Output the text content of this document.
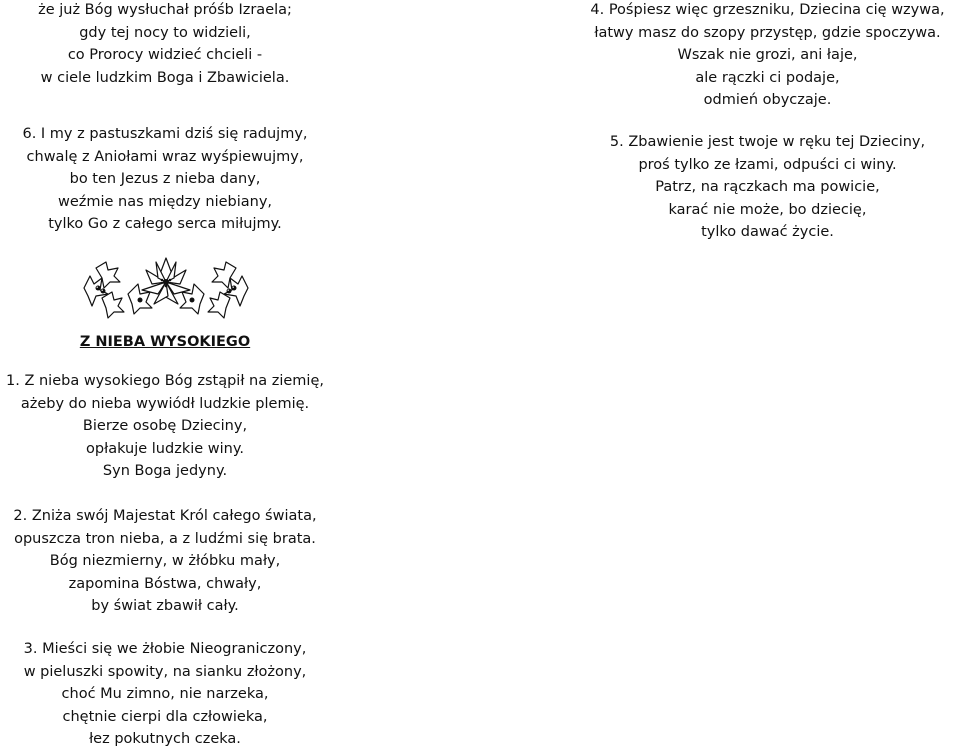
że już Bóg wysłuchał próśb Izraela;
gdy tej nocy to widzieli,
co Prorocy widzieć chcieli -
w ciele ludzkim Boga i Zbawiciela.
6. I my z pastuszkami dziś się radujmy,
chwalę z Aniołami wraz wyśpiewujmy,
bo ten Jezus z nieba dany,
weźmie nas między niebiany,
tylko Go z całego serca miłujmy.
1. Z nieba wysokiego Bóg zstąpił na ziemię,
ażeby do nieba wywiódł ludzkie plemię.
Bierze osobę Dzieciny,
opłakuje ludzkie winy.
Syn Boga jedyny.
2. Zniża swój Majestat Król całego świata,
opuszcza tron nieba, a z ludźmi się brata.
Bóg niezmierny, w żłóbku mały,
zapomina Bóstwa, chwały,
by świat zbawił cały.
3. Mieści się we żłobie Nieograniczony,
w pieluszki spowity, na sianku złożony,
choć Mu zimno, nie narzeka,
chętnie cierpi dla człowieka,
łez pokutnych czeka.
Z NIEBA WYSOKIEGO
4. Pośpiesz więc grzeszniku, Dziecina cię wzywa,
łatwy masz do szopy przystęp, gdzie spoczywa.
Wszak nie grozi, ani łaje,
ale rączki ci podaje,
odmień obyczaje.
5. Zbawienie jest twoje w ręku tej Dzieciny,
proś tylko ze łzami, odpuści ci winy.
Patrz, na rączkach ma powicie,
karać nie może, bo dziecię,
tylko dawać życie.
